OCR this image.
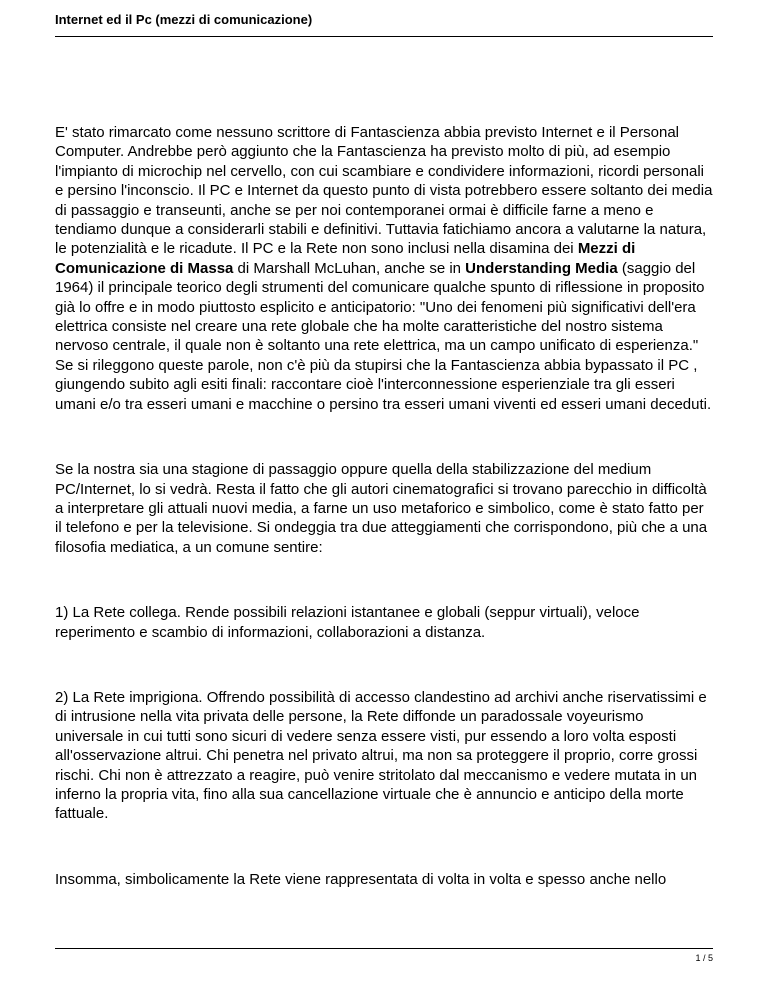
Internet ed il Pc (mezzi di comunicazione)

E' stato rimarcato come nessuno scrittore di Fantascienza abbia previsto Internet e il Personal Computer. Andrebbe però aggiunto che la Fantascienza ha previsto molto di più, ad esempio l'impianto di microchip nel cervello, con cui scambiare e condividere informazioni, ricordi personali e persino l'inconscio. Il PC e Internet da questo punto di vista potrebbero essere soltanto dei media di passaggio e transeunti, anche se per noi contemporanei ormai è difficile farne a meno e tendiamo dunque a considerarli stabili e definitivi. Tuttavia fatichiamo ancora a valutarne la natura, le potenzialità e le ricadute. Il PC e la Rete non sono inclusi nella disamina dei Mezzi di Comunicazione di Massa di Marshall McLuhan, anche se in Understanding Media (saggio del 1964) il principale teorico degli strumenti del comunicare qualche spunto di riflessione in proposito già lo offre e in modo piuttosto esplicito e anticipatorio: "Uno dei fenomeni più significativi dell'era elettrica consiste nel creare una rete globale che ha molte caratteristiche del nostro sistema nervoso centrale, il quale non è soltanto una rete elettrica, ma un campo unificato di esperienza." Se si rileggono queste parole, non c'è più da stupirsi che la Fantascienza abbia bypassato il PC , giungendo subito agli esiti finali: raccontare cioè l'interconnessione esperienziale tra gli esseri umani e/o tra esseri umani e macchine o persino tra esseri umani viventi ed esseri umani deceduti.

Se la nostra sia una stagione di passaggio oppure quella della stabilizzazione del medium PC/Internet, lo si vedrà. Resta il fatto che gli autori cinematografici si trovano parecchio in difficoltà a interpretare gli attuali nuovi media, a farne un uso metaforico e simbolico, come è stato fatto per il telefono e per la televisione. Si ondeggia tra due atteggiamenti che corrispondono, più che a una filosofia mediatica, a un comune sentire:

1) La Rete collega. Rende possibili relazioni istantanee e globali (seppur virtuali), veloce reperimento e scambio di informazioni, collaborazioni a distanza.

2) La Rete imprigiona. Offrendo possibilità di accesso clandestino ad archivi anche riservatissimi e di intrusione nella vita privata delle persone, la Rete diffonde un paradossale voyeurismo universale in cui tutti sono sicuri di vedere senza essere visti, pur essendo a loro volta esposti all'osservazione altrui. Chi penetra nel privato altrui, ma non sa proteggere il proprio, corre grossi rischi. Chi non è attrezzato a reagire, può venire stritolato dal meccanismo e vedere mutata in un inferno la propria vita, fino alla sua cancellazione virtuale che è annuncio e anticipo della morte fattuale.

Insomma, simbolicamente la Rete viene rappresentata di volta in volta e spesso anche nello

1 / 5
